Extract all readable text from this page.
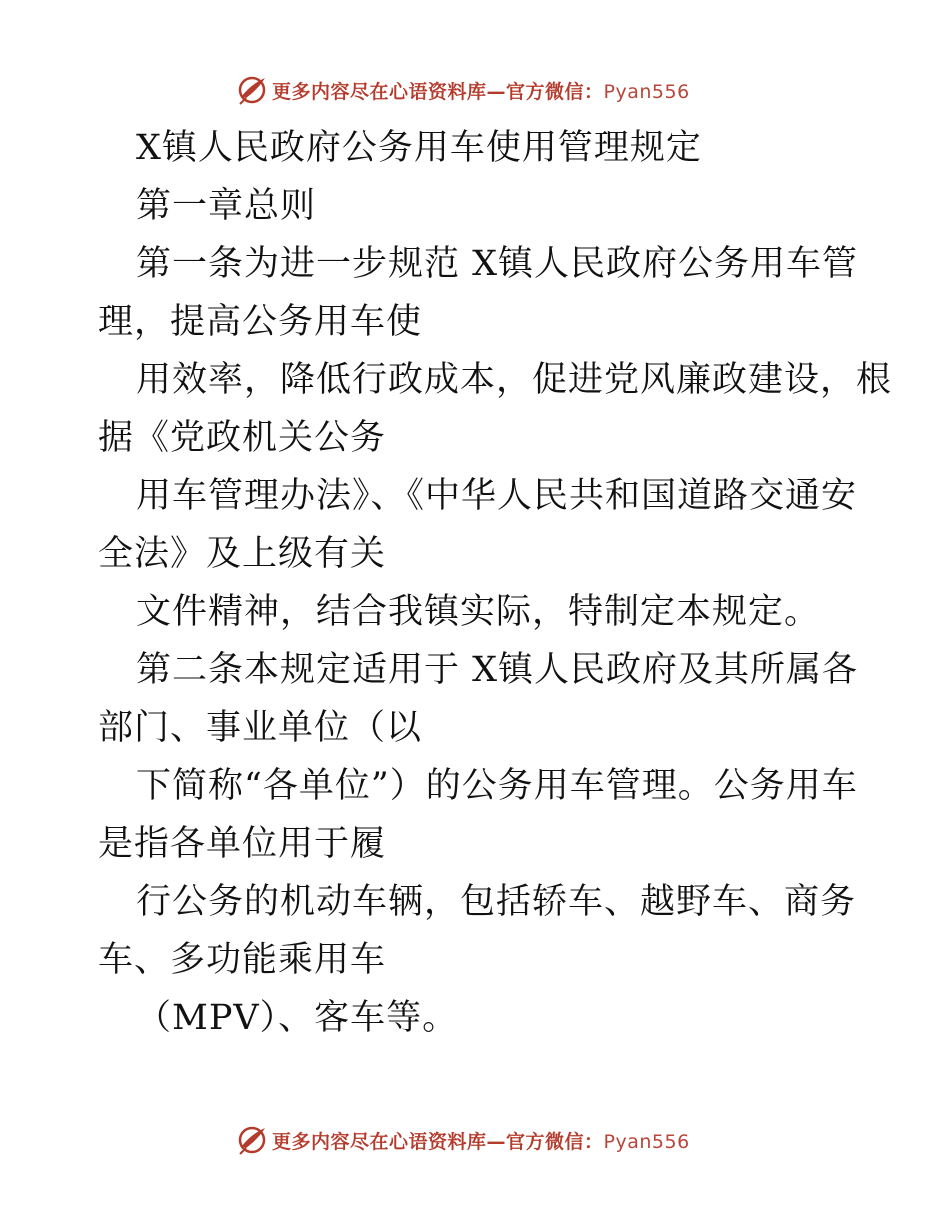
更多内容尽在心语资料库—官方微信：Pyan556
X镇人民政府公务用车使用管理规定
第一章总则
第一条为进一步规范 X镇人民政府公务用车管
理，提高公务用车使
用效率，降低行政成本，促进党风廉政建设，根
据《党政机关公务
用车管理办法》、《中华人民共和国道路交通安
全法》及上级有关
文件精神，结合我镇实际，特制定本规定。
第二条本规定适用于 X镇人民政府及其所属各
部门、事业单位（以
下简称“各单位”）的公务用车管理。公务用车
是指各单位用于履
行公务的机动车辆，包括轿车、越野车、商务
车、多功能乘用车
（MPV）、客车等。
更多内容尽在心语资料库—官方微信：Pyan556
